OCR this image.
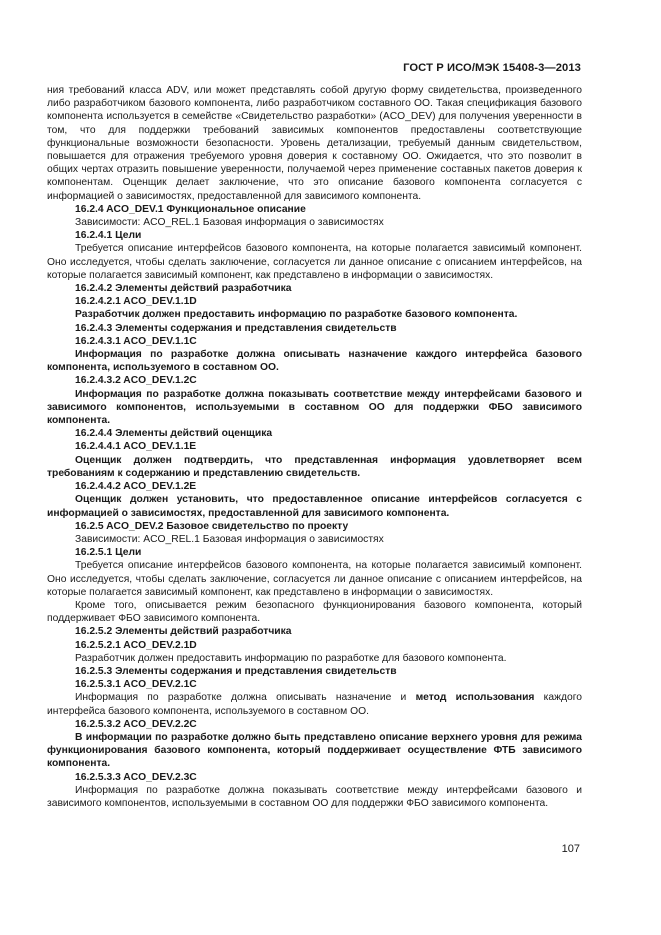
ГОСТ Р ИСО/МЭК 15408-3—2013

ния требований класса ADV, или может представлять собой другую форму свидетельства, произведенного либо разработчиком базового компонента, либо разработчиком составного ОО. Такая спецификация базового компонента используется в семействе «Свидетельство разработки» (ACO_DEV) для получения уверенности в том, что для поддержки требований зависимых компонентов предоставлены соответствующие функциональные возможности безопасности. Уровень детализации, требуемый данным свидетельством, повышается для отражения требуемого уровня доверия к составному ОО. Ожидается, что это позволит в общих чертах отразить повышение уверенности, получаемой через применение составных пакетов доверия к компонентам. Оценщик делает заключение, что это описание базового компонента согласуется с информацией о зависимостях, предоставленной для зависимого компонента.

16.2.4 ACO_DEV.1 Функциональное описание

Зависимости: ACO_REL.1 Базовая информация о зависимостях

16.2.4.1 Цели

Требуется описание интерфейсов базового компонента, на которые полагается зависимый компонент. Оно исследуется, чтобы сделать заключение, согласуется ли данное описание с описанием интерфейсов, на которые полагается зависимый компонент, как представлено в информации о зависимостях.

16.2.4.2 Элементы действий разработчика

16.2.4.2.1 ACO_DEV.1.1D

Разработчик должен предоставить информацию по разработке базового компонента.

16.2.4.3 Элементы содержания и представления свидетельств

16.2.4.3.1 ACO_DEV.1.1C

Информация по разработке должна описывать назначение каждого интерфейса базового компонента, используемого в составном ОО.

16.2.4.3.2 ACO_DEV.1.2C

Информация по разработке должна показывать соответствие между интерфейсами базового и зависимого компонентов, используемыми в составном ОО для поддержки ФБО зависимого компонента.

16.2.4.4 Элементы действий оценщика

16.2.4.4.1 ACO_DEV.1.1E

Оценщик должен подтвердить, что представленная информация удовлетворяет всем требованиям к содержанию и представлению свидетельств.

16.2.4.4.2 ACO_DEV.1.2E

Оценщик должен установить, что предоставленное описание интерфейсов согласуется с информацией о зависимостях, предоставленной для зависимого компонента.

16.2.5 ACO_DEV.2 Базовое свидетельство по проекту

Зависимости: ACO_REL.1 Базовая информация о зависимостях

16.2.5.1 Цели

Требуется описание интерфейсов базового компонента, на которые полагается зависимый компонент. Оно исследуется, чтобы сделать заключение, согласуется ли данное описание с описанием интерфейсов, на которые полагается зависимый компонент, как представлено в информации о зависимостях.

Кроме того, описывается режим безопасного функционирования базового компонента, который поддерживает ФБО зависимого компонента.

16.2.5.2 Элементы действий разработчика

16.2.5.2.1 ACO_DEV.2.1D

Разработчик должен предоставить информацию по разработке для базового компонента.

16.2.5.3 Элементы содержания и представления свидетельств

16.2.5.3.1 ACO_DEV.2.1C

Информация по разработке должна описывать назначение и метод использования каждого интерфейса базового компонента, используемого в составном ОО.

16.2.5.3.2 ACO_DEV.2.2C

В информации по разработке должно быть представлено описание верхнего уровня для режима функционирования базового компонента, который поддерживает осуществление ФТБ зависимого компонента.

16.2.5.3.3 ACO_DEV.2.3C

Информация по разработке должна показывать соответствие между интерфейсами базового и зависимого компонентов, используемыми в составном ОО для поддержки ФБО зависимого компонента.

107
